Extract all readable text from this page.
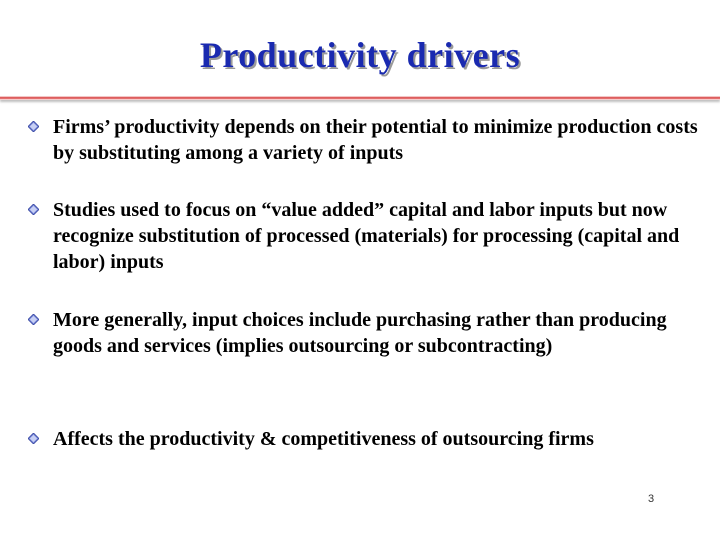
Productivity drivers
Firms’ productivity depends on their potential to minimize production costs by substituting among a variety of inputs
Studies used to focus on “value added” capital and labor inputs but now recognize substitution of processed (materials) for processing (capital and labor) inputs
More generally, input choices include purchasing rather than producing goods and services (implies outsourcing or subcontracting)
Affects the productivity & competitiveness of outsourcing firms
3
